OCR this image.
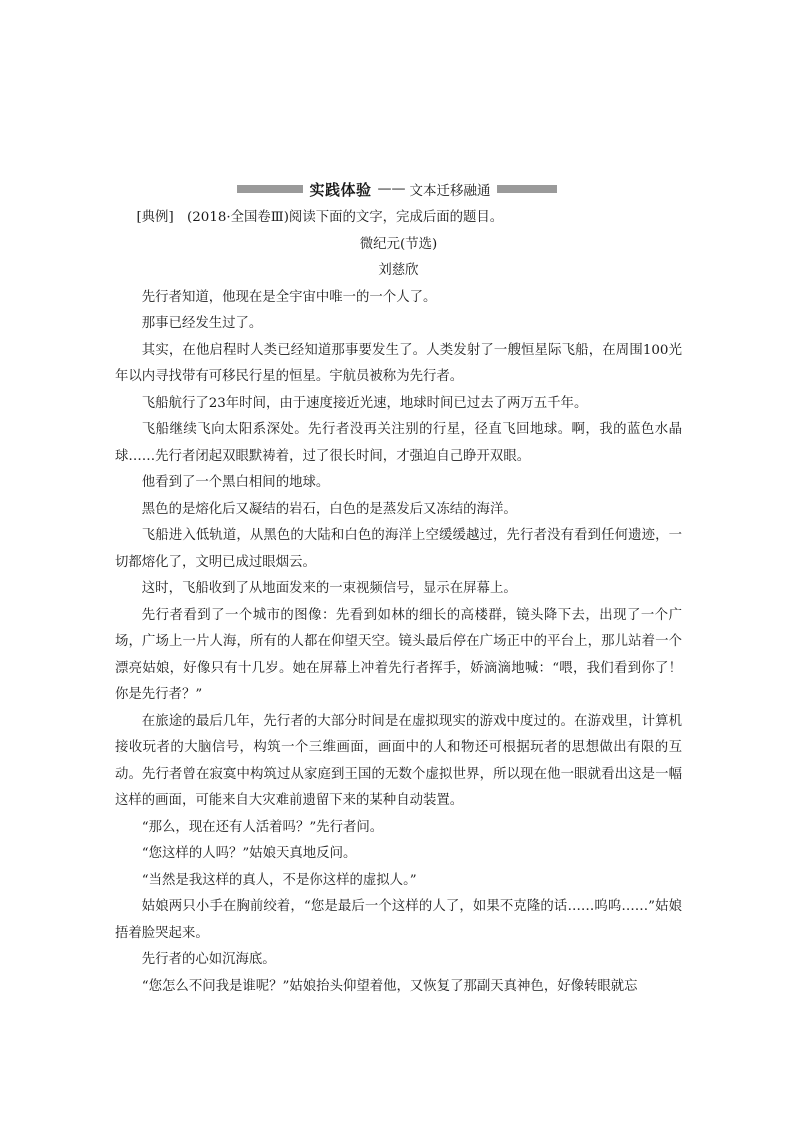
实践体验 —— 文本迁移融通

[典例]　(2018·全国卷Ⅲ)阅读下面的文字，完成后面的题目。

微纪元(节选)

刘慈欣

先行者知道，他现在是全宇宙中唯一的一个人了。

那事已经发生过了。

其实，在他启程时人类已经知道那事要发生了。人类发射了一艘恒星际飞船，在周围100光年以内寻找带有可移民行星的恒星。宇航员被称为先行者。

飞船航行了23年时间，由于速度接近光速，地球时间已过去了两万五千年。

飞船继续飞向太阳系深处。先行者没再关注别的行星，径直飞回地球。啊，我的蓝色水晶球……先行者闭起双眼默祷着，过了很长时间，才强迫自己睁开双眼。

他看到了一个黑白相间的地球。

黑色的是熔化后又凝结的岩石，白色的是蒸发后又冻结的海洋。

飞船进入低轨道，从黑色的大陆和白色的海洋上空缓缓越过，先行者没有看到任何遗迹，一切都熔化了，文明已成过眼烟云。

这时，飞船收到了从地面发来的一束视频信号，显示在屏幕上。

先行者看到了一个城市的图像：先看到如林的细长的高楼群，镜头降下去，出现了一个广场，广场上一片人海，所有的人都在仰望天空。镜头最后停在广场正中的平台上，那儿站着一个漂亮姑娘，好像只有十几岁。她在屏幕上冲着先行者挥手，娇滴滴地喊：“喂，我们看到你了！你是先行者？”

在旅途的最后几年，先行者的大部分时间是在虚拟现实的游戏中度过的。在游戏里，计算机接收玩者的大脑信号，构筑一个三维画面，画面中的人和物还可根据玩者的思想做出有限的互动。先行者曾在寂寞中构筑过从家庭到王国的无数个虚拟世界，所以现在他一眼就看出这是一幅这样的画面，可能来自大灾难前遗留下来的某种自动装置。

“那么，现在还有人活着吗？”先行者问。

“您这样的人吗？”姑娘天真地反问。

“当然是我这样的真人，不是你这样的虚拟人。”

姑娘两只小手在胸前绞着，“您是最后一个这样的人了，如果不克隆的话……呜呜……”姑娘捂着脸哭起来。

先行者的心如沉海底。

“您怎么不问我是谁呢？”姑娘抬头仰望着他，又恢复了那副天真神色，好像转眼就忘
